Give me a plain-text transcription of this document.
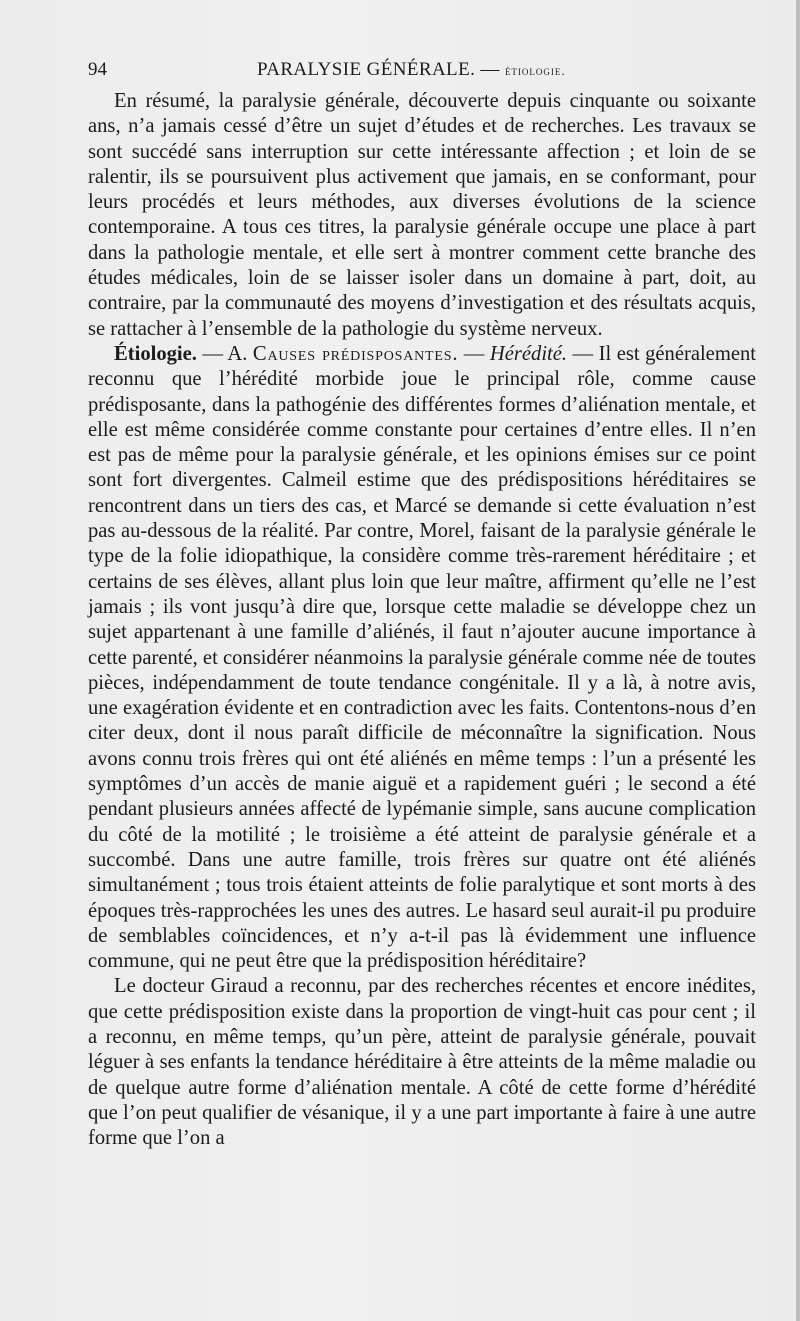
94	PARALYSIE GÉNÉRALE. — étiologie.

En résumé, la paralysie générale, découverte depuis cinquante ou soixante ans, n’a jamais cessé d’être un sujet d’études et de recherches. Les travaux se sont succédé sans interruption sur cette intéressante affection ; et loin de se ralentir, ils se poursuivent plus activement que jamais, en se conformant, pour leurs procédés et leurs méthodes, aux diverses évolutions de la science contemporaine. A tous ces titres, la paralysie générale occupe une place à part dans la pathologie mentale, et elle sert à montrer comment cette branche des études médicales, loin de se laisser isoler dans un domaine à part, doit, au contraire, par la communauté des moyens d’investigation et des résultats acquis, se rattacher à l’ensemble de la pathologie du système nerveux.

Étiologie. — A. Causes prédisposantes. — Hérédité. — Il est généralement reconnu que l’hérédité morbide joue le principal rôle, comme cause prédisposante, dans la pathogénie des différentes formes d’aliénation mentale, et elle est même considérée comme constante pour certaines d’entre elles. Il n’en est pas de même pour la paralysie générale, et les opinions émises sur ce point sont fort divergentes. Calmeil estime que des prédispositions héréditaires se rencontrent dans un tiers des cas, et Marcé se demande si cette évaluation n’est pas au-dessous de la réalité. Par contre, Morel, faisant de la paralysie générale le type de la folie idiopathique, la considère comme très-rarement héréditaire ; et certains de ses élèves, allant plus loin que leur maître, affirment qu’elle ne l’est jamais ; ils vont jusqu’à dire que, lorsque cette maladie se développe chez un sujet appartenant à une famille d’aliénés, il faut n’ajouter aucune importance à cette parenté, et considérer néanmoins la paralysie générale comme née de toutes pièces, indépendamment de toute tendance congénitale. Il y a là, à notre avis, une exagération évidente et en contradiction avec les faits. Contentons-nous d’en citer deux, dont il nous paraît difficile de méconnaître la signification. Nous avons connu trois frères qui ont été aliénés en même temps : l’un a présenté les symptômes d’un accès de manie aiguë et a rapidement guéri ; le second a été pendant plusieurs années affecté de lypémanie simple, sans aucune complication du côté de la motilité ; le troisième a été atteint de paralysie générale et a succombé. Dans une autre famille, trois frères sur quatre ont été aliénés simultanément ; tous trois étaient atteints de folie paralytique et sont morts à des époques très-rapprochées les unes des autres. Le hasard seul aurait-il pu produire de semblables coïncidences, et n’y a-t-il pas là évidemment une influence commune, qui ne peut être que la prédisposition héréditaire?

Le docteur Giraud a reconnu, par des recherches récentes et encore inédites, que cette prédisposition existe dans la proportion de vingt-huit cas pour cent ; il a reconnu, en même temps, qu’un père, atteint de paralysie générale, pouvait léguer à ses enfants la tendance héréditaire à être atteints de la même maladie ou de quelque autre forme d’aliénation mentale. A côté de cette forme d’hérédité que l’on peut qualifier de vésanique, il y a une part importante à faire à une autre forme que l’on a
